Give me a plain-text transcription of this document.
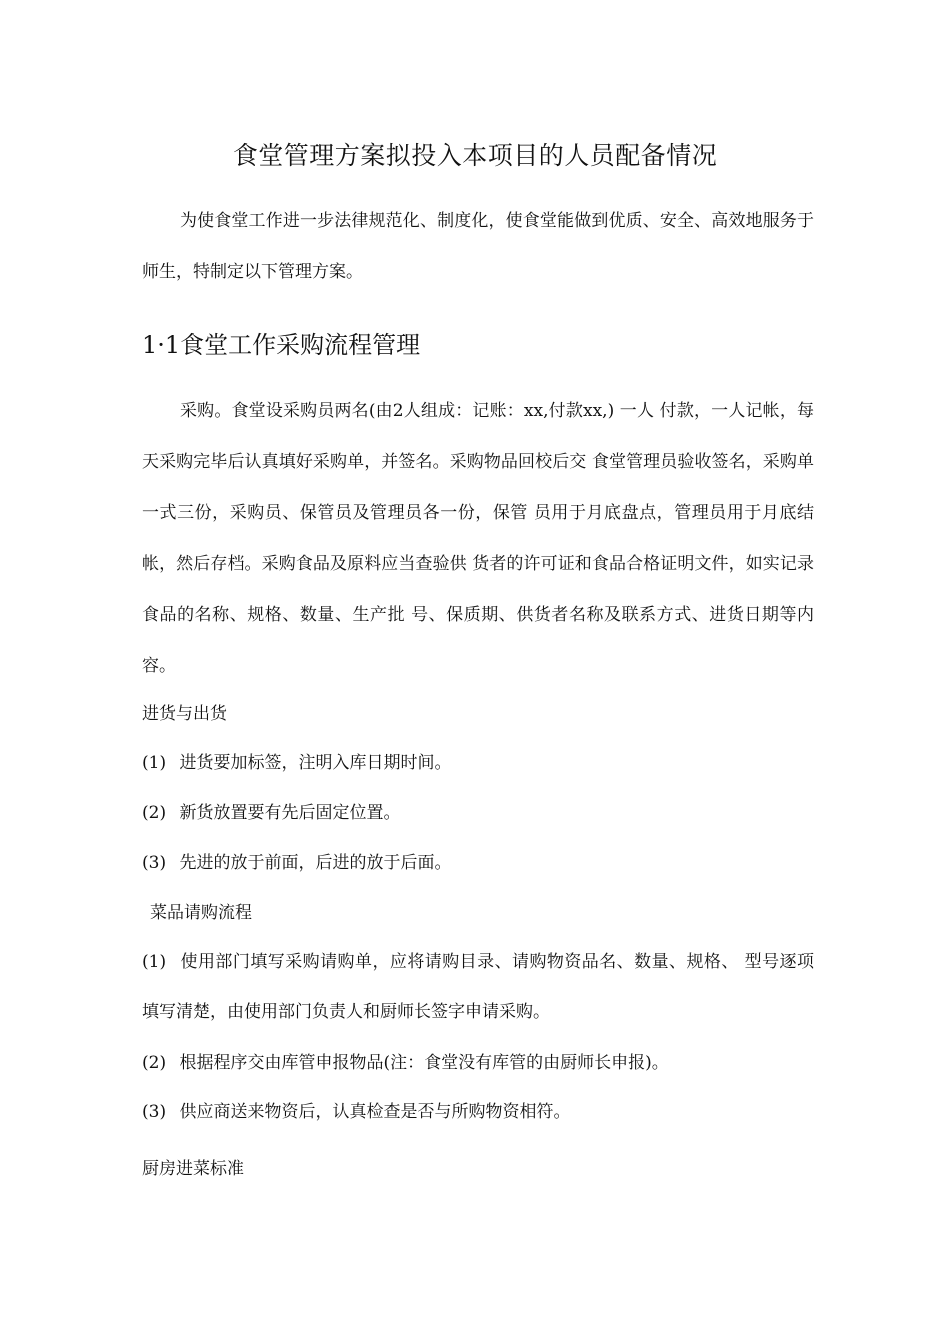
食堂管理方案拟投入本项目的人员配备情况
为使食堂工作进一步法律规范化、制度化，使食堂能做到优质、安全、高效地服务于师生，特制定以下管理方案。
1·1食堂工作采购流程管理
采购。食堂设采购员两名(由2人组成：记账：xx,付款xx,) 一人 付款，一人记帐，每天采购完毕后认真填好采购单，并签名。采购物品回校后交 食堂管理员验收签名，采购单一式三份，采购员、保管员及管理员各一份，保管 员用于月底盘点，管理员用于月底结帐，然后存档。采购食品及原料应当查验供 货者的许可证和食品合格证明文件，如实记录食品的名称、规格、数量、生产批 号、保质期、供货者名称及联系方式、进货日期等内容。
进货与出货
(1) 进货要加标签，注明入库日期时间。
(2) 新货放置要有先后固定位置。
(3) 先进的放于前面，后进的放于后面。
菜品请购流程
(1) 使用部门填写采购请购单，应将请购目录、请购物资品名、数量、规格、 型号逐项填写清楚，由使用部门负责人和厨师长签字申请采购。
(2) 根据程序交由库管申报物品(注：食堂没有库管的由厨师长申报)。
(3) 供应商送来物资后，认真检查是否与所购物资相符。
厨房进菜标准
